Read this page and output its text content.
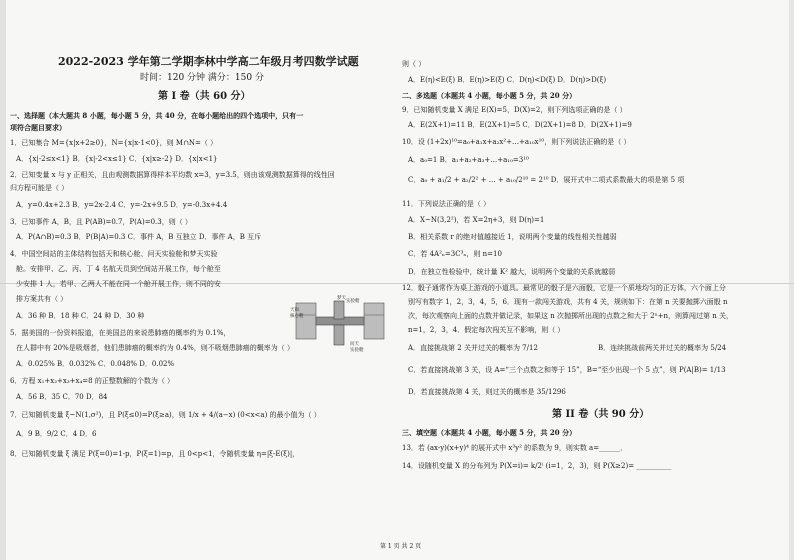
2022-2023 学年第二学期李林中学高二年级月考四数学试题
时间：120 分钟 满分：150 分
第 I 卷（共 60 分）
一、选择题（本大题共 8 小题，每小题 5 分，共 40 分，在每小题给出的四个选项中，只有一
项符合题目要求）
1．已知集合 M={x|x+2≥0}，N={x|x-1<0}，则 M∩N=（ ）
A．{x|-2≤x<1} B．{x|-2<x≤1} C．{x|x≥-2} D．{x|x<1}
2．已知变量 x 与 y 正相关，且由观测数据算得样本平均数 x=3，y=3.5，则由该观测数据算得的线性回
归方程可能是（ ）
A．y=0.4x+2.3 B．y=2x-2.4 C．y=-2x+9.5 D．y=-0.3x+4.4
3．已知事件 A，B，且 P(AB)=0.7，P(A)=0.3，则（ ）
A．P(A∩B)=0.3 B．P(B|A)=0.3 C．事件 A，B 互独立 D．事件 A，B 互斥
4．中国空间站的主体结构包括天和核心舱、问天实验舱和梦天实验
舱。安排甲、乙、丙、丁 4 名航天员到空间站开展工作，每个舱至
少安排 1 人，若甲、乙两人不能在同一个舱开展工作，则不同的安
排方案共有（ ）
A．36 种 B．18 种 C．24 种 D．30 种
5．据美国的一份资料报道，在美国总的来说患肺癌的概率约为 0.1%，
在人群中有 20%是吸烟者，他们患肺癌的概率约为 0.4%，则不吸烟患肺癌的概率为（ ）
A．0.025% B．0.032% C．0.048% D．0.02%
6．方程 x₁+x₂+x₃+x₄=8 的正整数解的个数为（ ）
A．56 B．35 C．70 D．84
7．已知随机变量 ξ~N(1,σ²)，且 P(ξ≤0)=P(ξ≥a)，则 1/x + 4/(a−x) (0<x<a) 的最小值为（ ）
A．9 B．9/2 C．4 D．6
8．已知随机变量 ξ 满足 P(ξ=0)=1-p，P(ξ=1)=p，且 0<p<1，令随机变量 η=|ξ-E(ξ)|，
梦天
实验舱
天和
核心舱
问天
实验舱
则（ ）
A．E(η)<E(ξ) B．E(η)>E(ξ) C．D(η)<D(ξ) D．D(η)>D(ξ)
二、多选题（本题共 4 小题，每小题 5 分，共 20 分）
9．已知随机变量 X 满足 E(X)=5，D(X)=2，则下列选项正确的是（ ）
A．E(2X+1)=11 B．E(2X+1)=5 C．D(2X+1)=8 D．D(2X+1)=9
10．设 (1+2x)¹⁰=a₀+a₁x+a₂x²+…+a₁₀x¹⁰，则下列说法正确的是（ ）
A．a₀=1 B．a₁+a₂+a₃+…+a₁₀=3¹⁰
C．a₀ + a₁/2 + a₂/2² + … + a₁₀/2¹⁰ = 2¹⁰ D．展开式中二项式系数最大的项是第 5 项
11．下列说法正确的是（ ）
A．X~N(3,2²)，若 X=2η+3，则 D(η)=1
B．相关系数 r 的绝对值越接近 1，说明两个变量的线性相关性越弱
C．若 4A²ₙ=3C³ₙ，则 n=10
D．在独立性检验中，统计量 K² 越大，说明两个变量的关系就越弱
12．骰子通常作为桌上游戏的小道具。最常见的骰子是六面骰，它是一个质地均匀的正方体，六个面上分
别写有数字 1，2，3，4，5，6．现有一款闯关游戏，共有 4 关，规则如下：在第 n 关要抛掷六面骰 n
次，每次观察向上面的点数并做记录，如果这 n 次抛掷所出现的点数之和大于 2ⁿ+n，则算闯过第 n 关，
n=1，2，3，4．假定每次闯关互不影响，则（ ）
A．直接挑战第 2 关并过关的概率为 7/12	B．连续挑战前两关并过关的概率为 5/24
C．若直接挑战第 3 关，设 A=“三个点数之和等于 15”，B=“至少出现一个 5 点”，则 P(A|B)= 1/13
D．若直接挑战第 4 关，则过关的概率是 35/1296
第 II 卷（共 90 分）
三、填空题（本题共 4 小题，每小题 5 分，共 20 分）
13．若 (ax-y)(x+y)⁴ 的展开式中 x³y² 的系数为 9，则实数 a=______．
14．设随机变量 X 的分布列为 P(X=i)= k/2ⁱ (i=1，2，3)，则 P(X≥2)= __________
第 1 页 共 2 页
